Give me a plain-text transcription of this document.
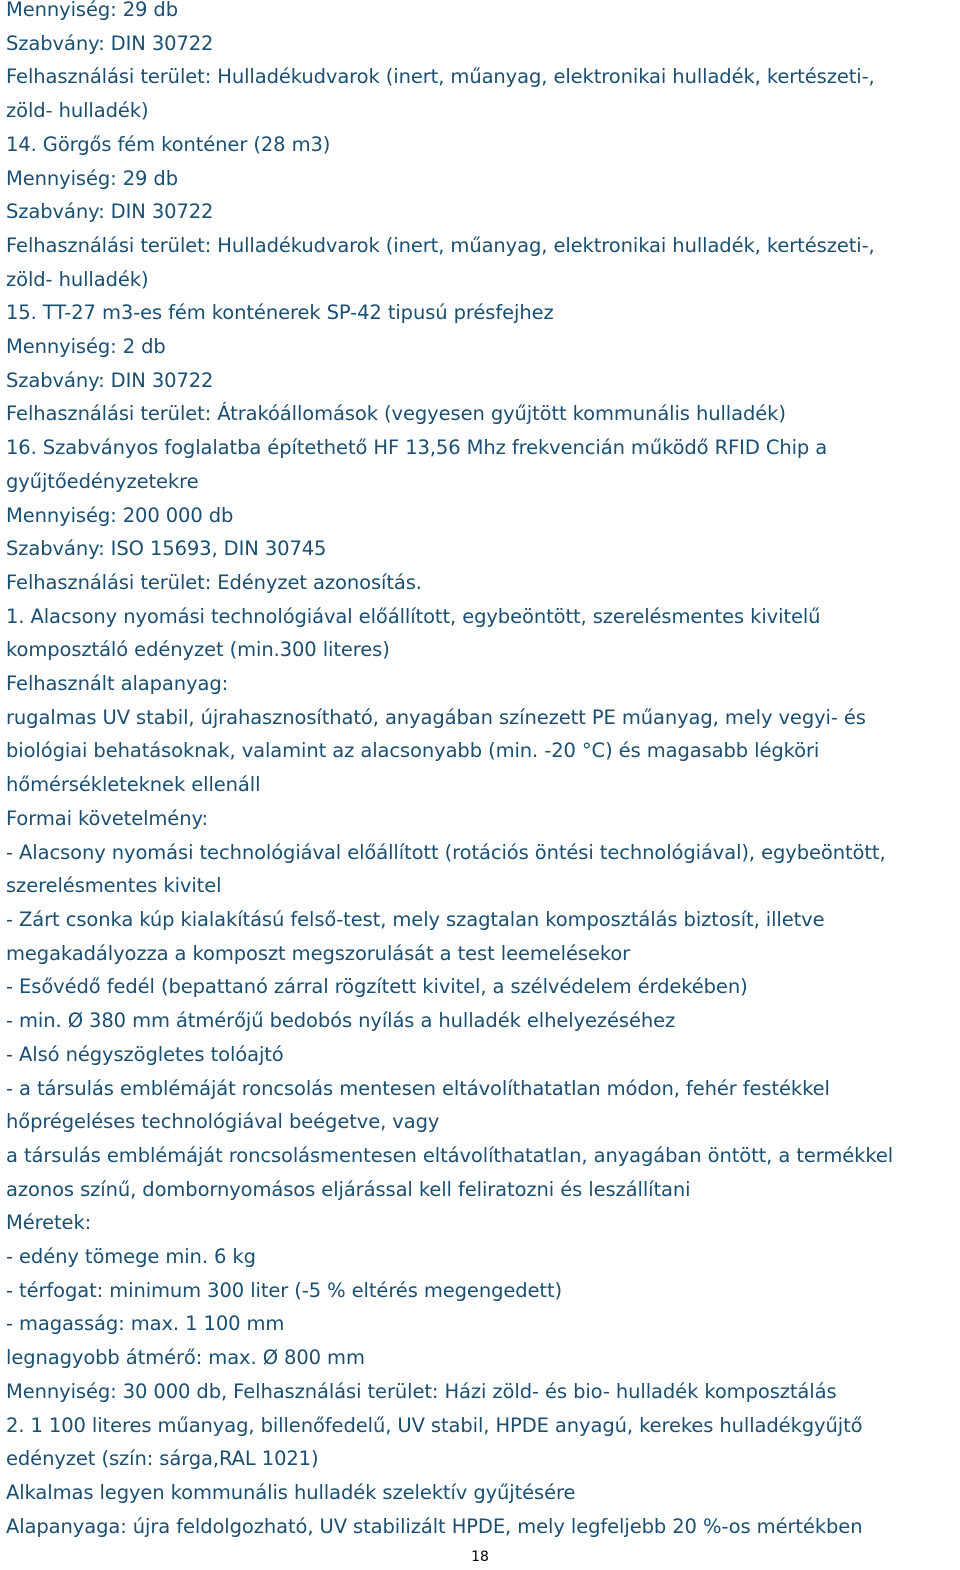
Mennyiség: 29 db
Szabvány: DIN 30722
Felhasználási terület: Hulladékudvarok (inert, műanyag, elektronikai hulladék, kertészeti-,
zöld- hulladék)
14. Görgős fém konténer (28 m3)
Mennyiség: 29 db
Szabvány: DIN 30722
Felhasználási terület: Hulladékudvarok (inert, műanyag, elektronikai hulladék, kertészeti-,
zöld- hulladék)
15. TT-27 m3-es fém konténerek SP-42 tipusú présfejhez
Mennyiség: 2 db
Szabvány: DIN 30722
Felhasználási terület: Átrakóállomások (vegyesen gyűjtött kommunális hulladék)
16. Szabványos foglalatba építethető HF 13,56 Mhz frekvencián működő RFID Chip a
gyűjtőedényzetekre
Mennyiség: 200 000 db
Szabvány: ISO 15693, DIN 30745
Felhasználási terület: Edényzet azonosítás.
1. Alacsony nyomási technológiával előállított, egybeöntött, szerelésmentes kivitelű
komposztáló edényzet (min.300 literes)
Felhasznált alapanyag:
rugalmas UV stabil, újrahasznosítható, anyagában színezett PE műanyag, mely vegyi- és
biológiai behatásoknak, valamint az alacsonyabb (min. -20 °C) és magasabb légköri
hőmérsékleteknek ellenáll
Formai követelmény:
- Alacsony nyomási technológiával előállított (rotációs öntési technológiával), egybeöntött,
szerelésmentes kivitel
- Zárt csonka kúp kialakítású felső-test, mely szagtalan komposztálás biztosít, illetve
megakadályozza a komposzt megszorulását a test leemelésekor
- Esővédő fedél (bepattanó zárral rögzített kivitel, a szélvédelem érdekében)
- min. Ø 380 mm átmérőjű bedobós nyílás a hulladék elhelyezéséhez
- Alsó négyszögletes tolóajtó
- a társulás emblémáját roncsolás mentesen eltávolíthatatlan módon, fehér festékkel
hőprégeléses technológiával beégetve, vagy
a társulás emblémáját roncsolásmentesen eltávolíthatatlan, anyagában öntött, a termékkel
azonos színű, dombornyomásos eljárással kell feliratozni és leszállítani
Méretek:
- edény tömege min. 6 kg
- térfogat: minimum 300 liter (-5 % eltérés megengedett)
- magasság: max. 1 100 mm
legnagyobb átmérő: max. Ø 800 mm
Mennyiség: 30 000 db, Felhasználási terület: Házi zöld- és bio- hulladék komposztálás
2. 1 100 literes műanyag, billenőfedelű, UV stabil, HPDE anyagú, kerekes hulladékgyűjtő
edényzet (szín: sárga,RAL 1021)
Alkalmas legyen kommunális hulladék szelektív gyűjtésére
Alapanyaga: újra feldolgozható, UV stabilizált HPDE, mely legfeljebb 20 %-os mértékben
18
